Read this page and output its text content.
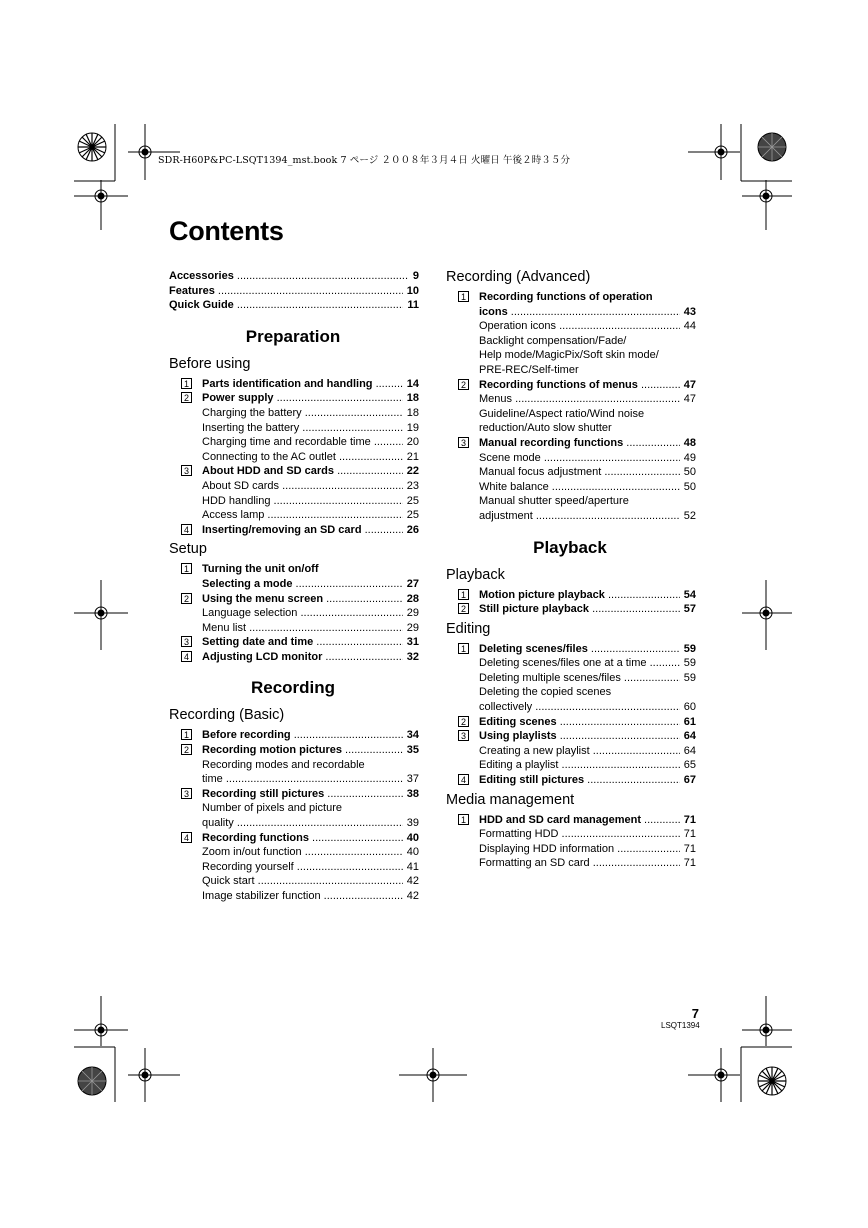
SDR-H60P&PC-LSQT1394_mst.book 7 ページ ２００８年３月４日 火曜日 午後２時３５分
Contents
Accessories .....	9
Features .....	10
Quick Guide .....	11
Preparation
Before using
1 Parts identification and handling .....	14
2 Power supply .....	18
Charging the battery .....	18
Inserting the battery .....	19
Charging time and recordable time .....	20
Connecting to the AC outlet .....	21
3 About HDD and SD cards .....	22
About SD cards .....	23
HDD handling .....	25
Access lamp .....	25
4 Inserting/removing an SD card .....	26
Setup
1 Turning the unit on/off
Selecting a mode .....	27
2 Using the menu screen .....	28
Language selection .....	29
Menu list .....	29
3 Setting date and time .....	31
4 Adjusting LCD monitor .....	32
Recording
Recording (Basic)
1 Before recording .....	34
2 Recording motion pictures .....	35
Recording modes and recordable
time .....	37
3 Recording still pictures .....	38
Number of pixels and picture
quality .....	39
4 Recording functions .....	40
Zoom in/out function .....	40
Recording yourself .....	41
Quick start .....	42
Image stabilizer function .....	42
Recording (Advanced)
1 Recording functions of operation
icons .....	43
Operation icons .....	44
Backlight compensation/Fade/
Help mode/MagicPix/Soft skin mode/
PRE-REC/Self-timer
2 Recording functions of menus .....	47
Menus .....	47
Guideline/Aspect ratio/Wind noise
reduction/Auto slow shutter
3 Manual recording functions .....	48
Scene mode .....	49
Manual focus adjustment .....	50
White balance .....	50
Manual shutter speed/aperture
adjustment .....	52
Playback
Playback
1 Motion picture playback .....	54
2 Still picture playback .....	57
Editing
1 Deleting scenes/files .....	59
Deleting scenes/files one at a time .....	59
Deleting multiple scenes/files .....	59
Deleting the copied scenes
collectively .....	60
2 Editing scenes .....	61
3 Using playlists .....	64
Creating a new playlist .....	64
Editing a playlist .....	65
4 Editing still pictures .....	67
Media management
1 HDD and SD card management .....	71
Formatting HDD .....	71
Displaying HDD information .....	71
Formatting an SD card .....	71
7
LSQT1394
